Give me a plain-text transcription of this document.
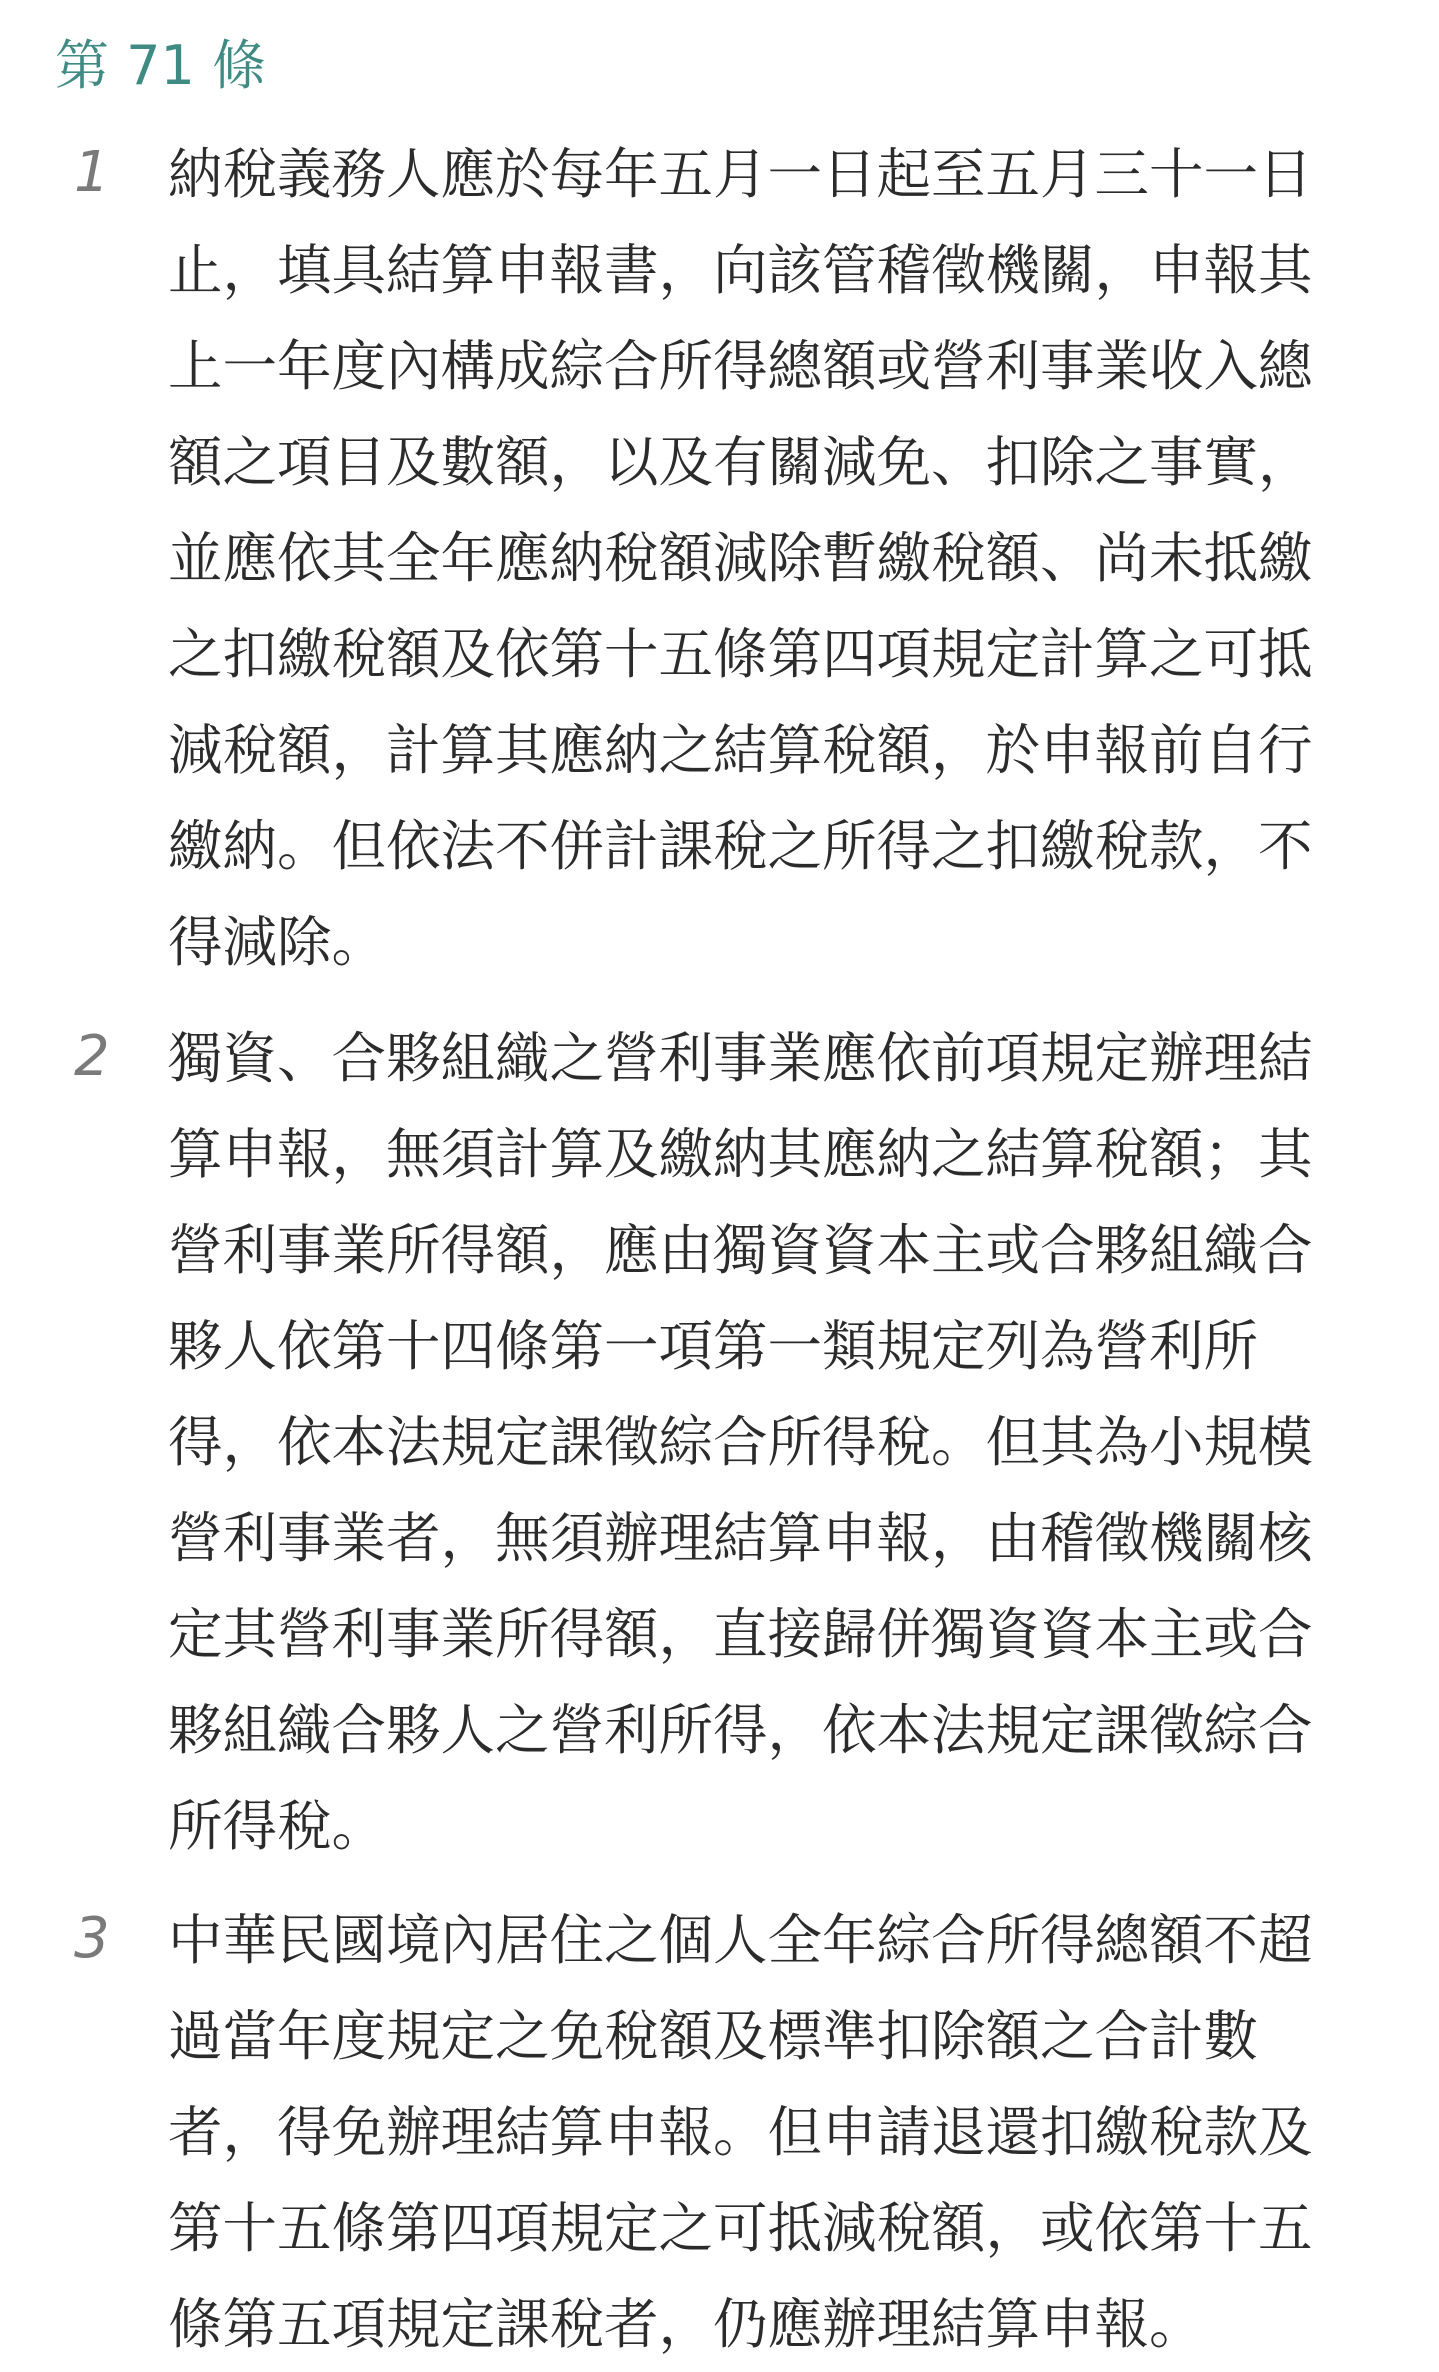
第 71 條
1 納稅義務人應於每年五月一日起至五月三十一日
止，填具結算申報書，向該管稽徵機關，申報其
上一年度內構成綜合所得總額或營利事業收入總
額之項目及數額，以及有關減免、扣除之事實，
並應依其全年應納稅額減除暫繳稅額、尚未抵繳
之扣繳稅額及依第十五條第四項規定計算之可抵
減稅額，計算其應納之結算稅額，於申報前自行
繳納。但依法不併計課稅之所得之扣繳稅款，不
得減除。
2 獨資、合夥組織之營利事業應依前項規定辦理結
算申報，無須計算及繳納其應納之結算稅額；其
營利事業所得額，應由獨資資本主或合夥組織合
夥人依第十四條第一項第一類規定列為營利所
得，依本法規定課徵綜合所得稅。但其為小規模
營利事業者，無須辦理結算申報，由稽徵機關核
定其營利事業所得額，直接歸併獨資資本主或合
夥組織合夥人之營利所得，依本法規定課徵綜合
所得稅。
3 中華民國境內居住之個人全年綜合所得總額不超
過當年度規定之免稅額及標準扣除額之合計數
者，得免辦理結算申報。但申請退還扣繳稅款及
第十五條第四項規定之可抵減稅額，或依第十五
條第五項規定課稅者，仍應辦理結算申報。
